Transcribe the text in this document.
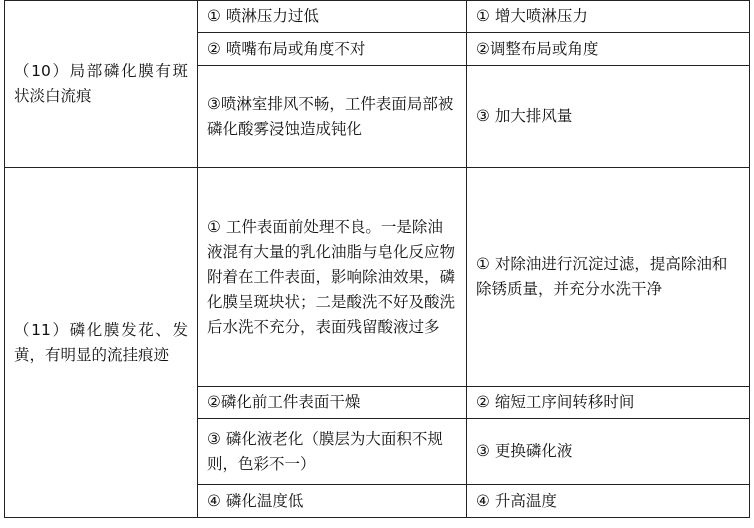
（10）局部磷化膜有斑状淡白流痕	① 喷淋压力过低	① 增大喷淋压力
	② 喷嘴布局或角度不对	②调整布局或角度
	③喷淋室排风不畅，工件表面局部被磷化酸雾浸蚀造成钝化	③ 加大排风量

（11）磷化膜发花、发黄，有明显的流挂痕迹	① 工件表面前处理不良。一是除油液混有大量的乳化油脂与皂化反应物附着在工件表面，影响除油效果，磷化膜呈斑块状；二是酸洗不好及酸洗后水洗不充分，表面残留酸液过多	① 对除油进行沉淀过滤，提高除油和除锈质量，并充分水洗干净
	②磷化前工件表面干燥	② 缩短工序间转移时间
	③ 磷化液老化（膜层为大面积不规则，色彩不一）	③ 更换磷化液
	④ 磷化温度低	④ 升高温度
